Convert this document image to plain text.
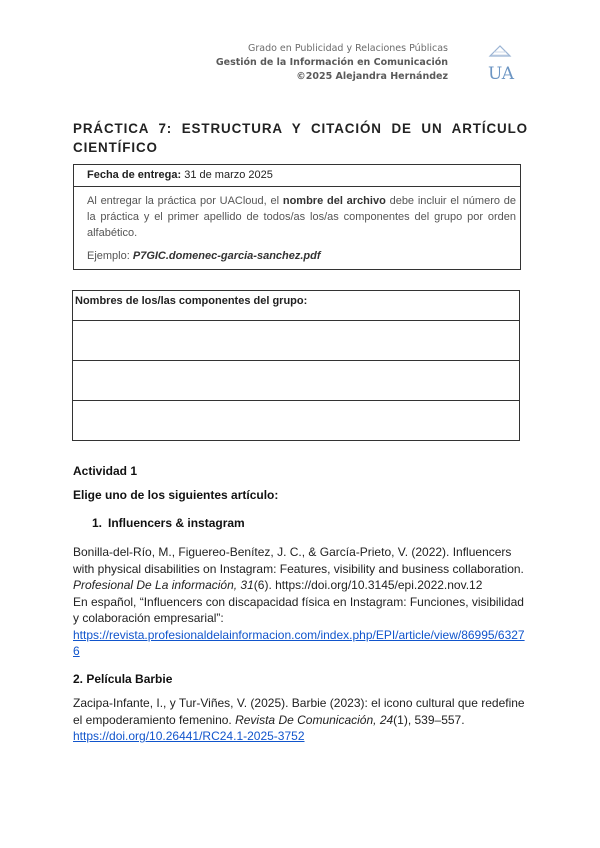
Grado en Publicidad y Relaciones Públicas
Gestión de la Información en Comunicación
©2025 Alejandra Hernández UA
PRÁCTICA 7: ESTRUCTURA Y CITACIÓN DE UN ARTÍCULO CIENTÍFICO
Fecha de entrega: 31 de marzo 2025
Al entregar la práctica por UACloud, el nombre del archivo debe incluir el número de la práctica y el primer apellido de todos/as los/as componentes del grupo por orden alfabético.
Ejemplo: P7GIC.domenec-garcia-sanchez.pdf
Nombres de los/las componentes del grupo:
Actividad 1
Elige uno de los siguientes artículo:
1. Influencers & instagram
Bonilla-del-Río, M., Figuereo-Benítez, J. C., & García-Prieto, V. (2022). Influencers with physical disabilities on Instagram: Features, visibility and business collaboration. Profesional De La información, 31(6). https://doi.org/10.3145/epi.2022.nov.12
En español, “Influencers con discapacidad física en Instagram: Funciones, visibilidad y colaboración empresarial”:
https://revista.profesionaldelainformacion.com/index.php/EPI/article/view/86995/63276
2. Película Barbie
Zacipa-Infante, I., y Tur-Viñes, V. (2025). Barbie (2023): el icono cultural que redefine el empoderamiento femenino. Revista De Comunicación, 24(1), 539–557.
https://doi.org/10.26441/RC24.1-2025-3752
